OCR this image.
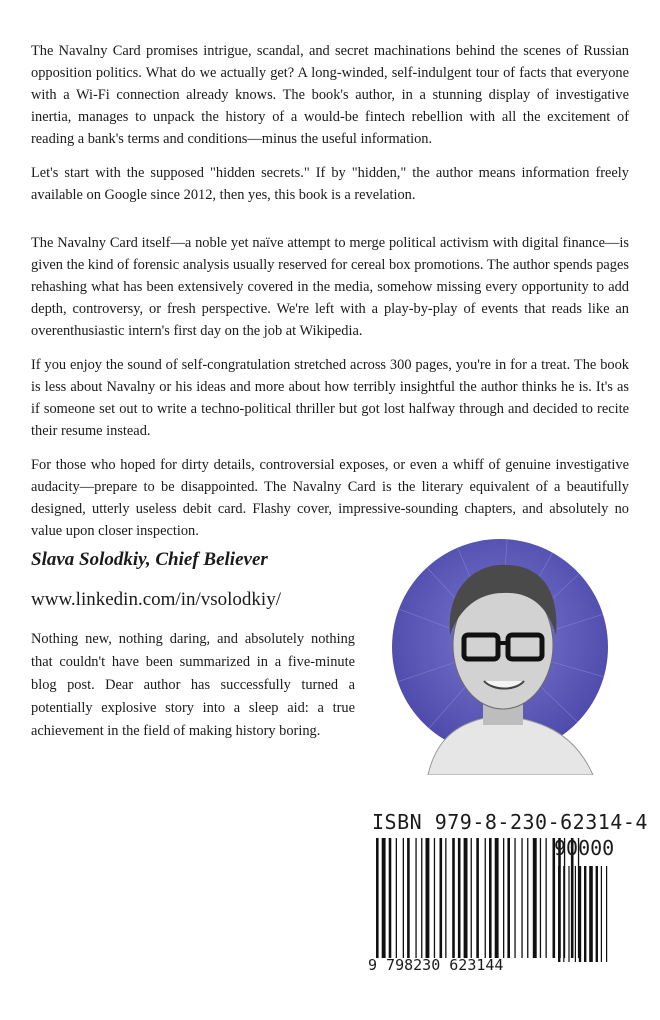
The Navalny Card promises intrigue, scandal, and secret machinations behind the scenes of Russian opposition politics. What do we actually get? A long-winded, self-indulgent tour of facts that everyone with a Wi-Fi connection already knows. The book's author, in a stunning display of investigative inertia, manages to unpack the history of a would-be fintech rebellion with all the excitement of reading a bank's terms and conditions—minus the useful information.

Let's start with the supposed "hidden secrets." If by "hidden," the author means information freely available on Google since 2012, then yes, this book is a revelation.

The Navalny Card itself—a noble yet naïve attempt to merge political activism with digital finance—is given the kind of forensic analysis usually reserved for cereal box promotions. The author spends pages rehashing what has been extensively covered in the media, somehow missing every opportunity to add depth, controversy, or fresh perspective. We're left with a play-by-play of events that reads like an overenthusiastic intern's first day on the job at Wikipedia.

If you enjoy the sound of self-congratulation stretched across 300 pages, you're in for a treat. The book is less about Navalny or his ideas and more about how terribly insightful the author thinks he is. It's as if someone set out to write a techno-political thriller but got lost halfway through and decided to recite their resume instead.

For those who hoped for dirty details, controversial exposes, or even a whiff of genuine investigative audacity—prepare to be disappointed. The Navalny Card is the literary equivalent of a beautifully designed, utterly useless debit card. Flashy cover, impressive-sounding chapters, and absolutely no value upon closer inspection.

Slava Solodkiy, Chief Believer

www.linkedin.com/in/vsolodkiy/

Nothing new, nothing daring, and absolutely nothing that couldn't have been summarized in a five-minute blog post. Dear author has successfully turned a potentially explosive story into a sleep aid: a true achievement in the field of making history boring.

ISBN 979-8-230-62314-4

90000

9 798230 623144
